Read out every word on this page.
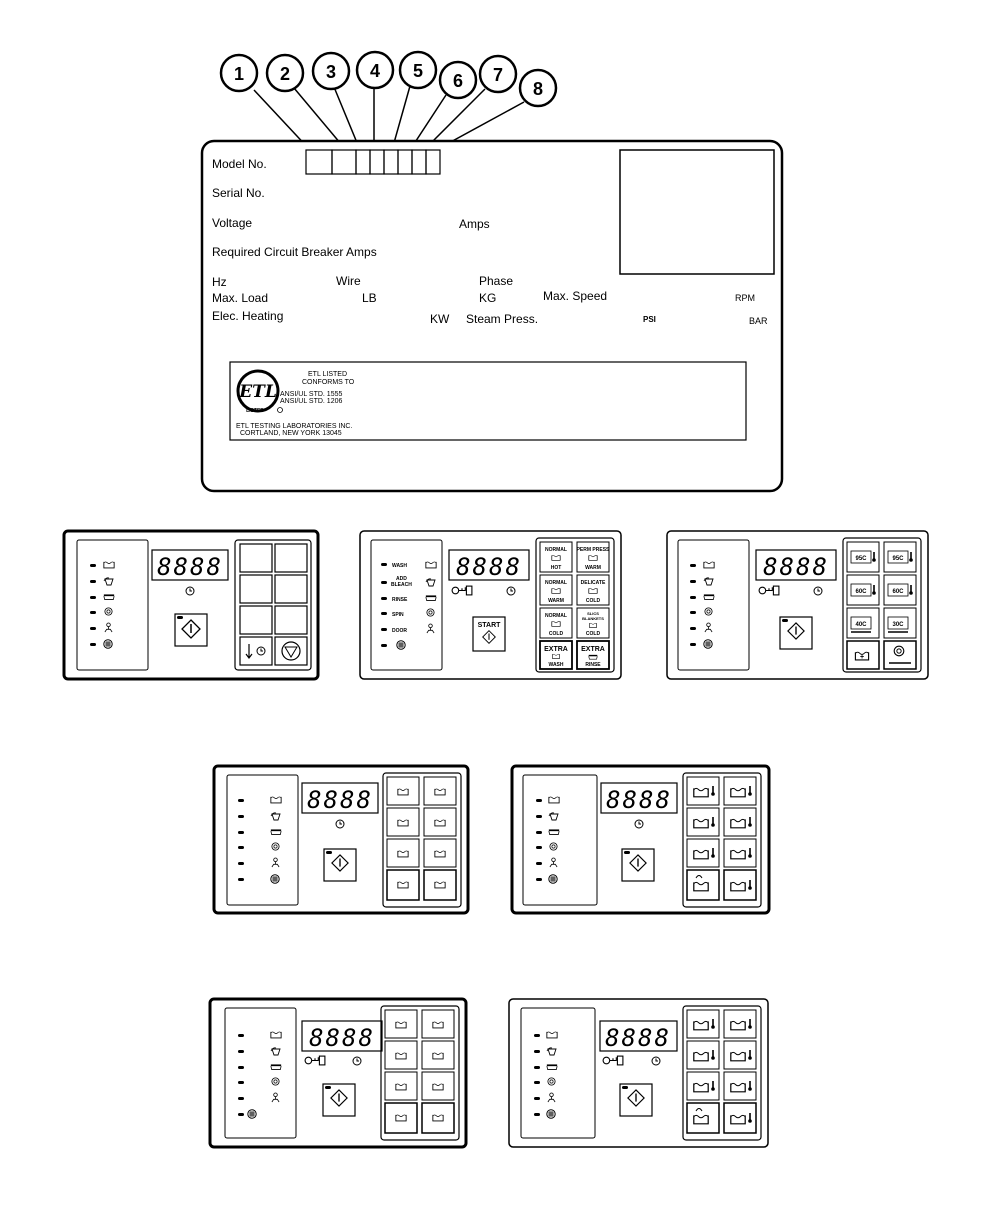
1 2 3 4 5 6 7
8
Model No.
Serial No.
Voltage	Amps
Required Circuit Breaker Amps
Hz	Wire	Phase
Max. Load	LB	KG	Max. Speed	RPM
Elec. Heating	KW Steam Press.	PSI	BAR
ETL
LISTED
ETL LISTED
CONFORMS TO
ANSI/UL STD. 1555
ANSI/UL STD. 1206
ETL TESTING LABORATORIES INC.
CORTLAND, NEW YORK 13045
8888	WASH
ADD
BLEACH
RINSE
SPIN
DOOR
8888
START
NORMAL
HOT
PERM PRESS
WARM
NORMAL
WARM
DELICATE
COLD
NORMAL
COLD
SLICS
BLANKETS
COLD
EXTRA
WASH
EXTRA
RINSE
8888	95C	95C
60C	60C
40C	30C
+
8888	8888
8888	8888
